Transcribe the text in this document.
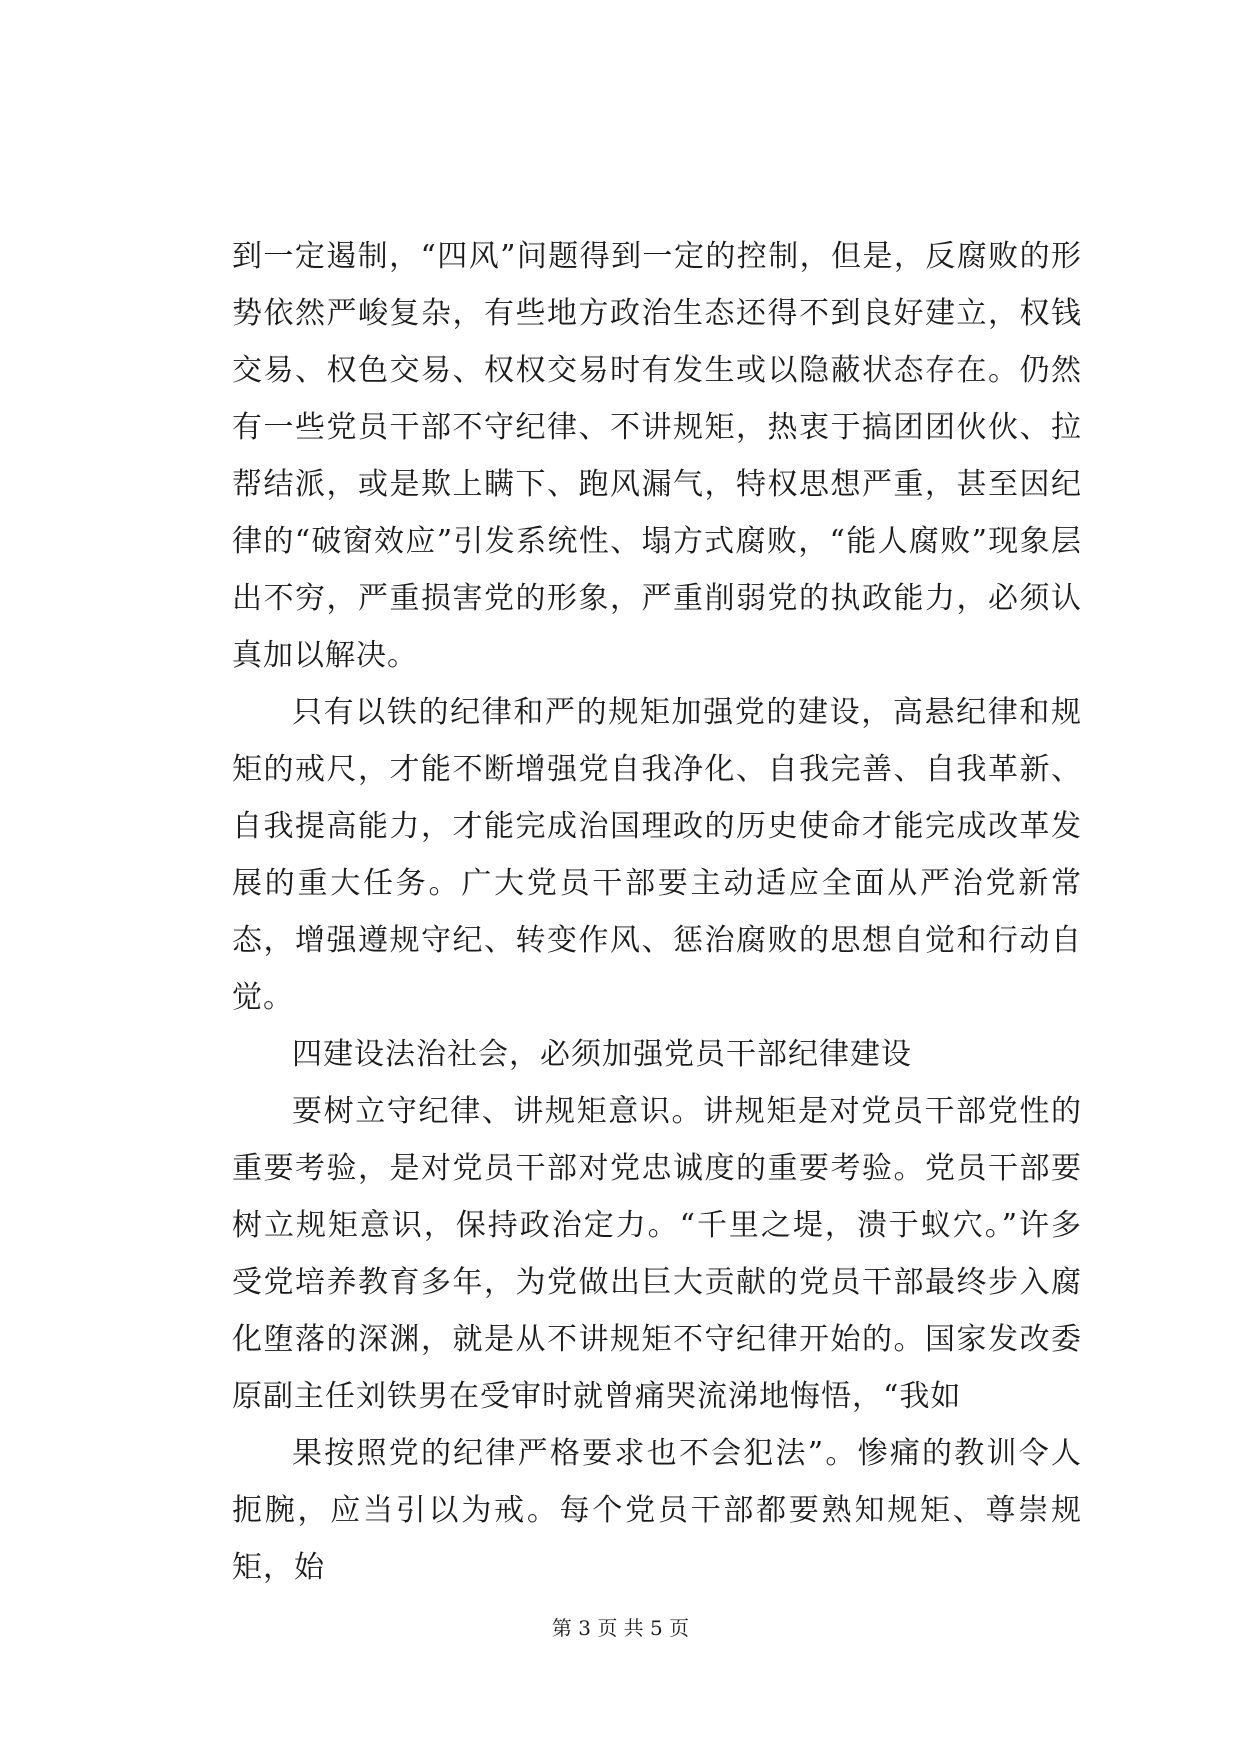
到一定遏制，“四风”问题得到一定的控制，但是，反腐败的形势依然严峻复杂，有些地方政治生态还得不到良好建立，权钱交易、权色交易、权权交易时有发生或以隐蔽状态存在。仍然有一些党员干部不守纪律、不讲规矩，热衷于搞团团伙伙、拉帮结派，或是欺上瞒下、跑风漏气，特权思想严重，甚至因纪律的“破窗效应”引发系统性、塌方式腐败，“能人腐败”现象层出不穷，严重损害党的形象，严重削弱党的执政能力，必须认真加以解决。

只有以铁的纪律和严的规矩加强党的建设，高悬纪律和规矩的戒尺，才能不断增强党自我净化、自我完善、自我革新、自我提高能力，才能完成治国理政的历史使命才能完成改革发展的重大任务。广大党员干部要主动适应全面从严治党新常态，增强遵规守纪、转变作风、惩治腐败的思想自觉和行动自觉。

四建设法治社会，必须加强党员干部纪律建设

要树立守纪律、讲规矩意识。讲规矩是对党员干部党性的重要考验，是对党员干部对党忠诚度的重要考验。党员干部要树立规矩意识，保持政治定力。“千里之堤，溃于蚁穴。”许多受党培养教育多年，为党做出巨大贡献的党员干部最终步入腐化堕落的深渊，就是从不讲规矩不守纪律开始的。国家发改委原副主任刘铁男在受审时就曾痛哭流涕地悔悟，“我如

果按照党的纪律严格要求也不会犯法”。惨痛的教训令人扼腕，应当引以为戒。每个党员干部都要熟知规矩、尊崇规矩，始

第 3 页 共 5 页
